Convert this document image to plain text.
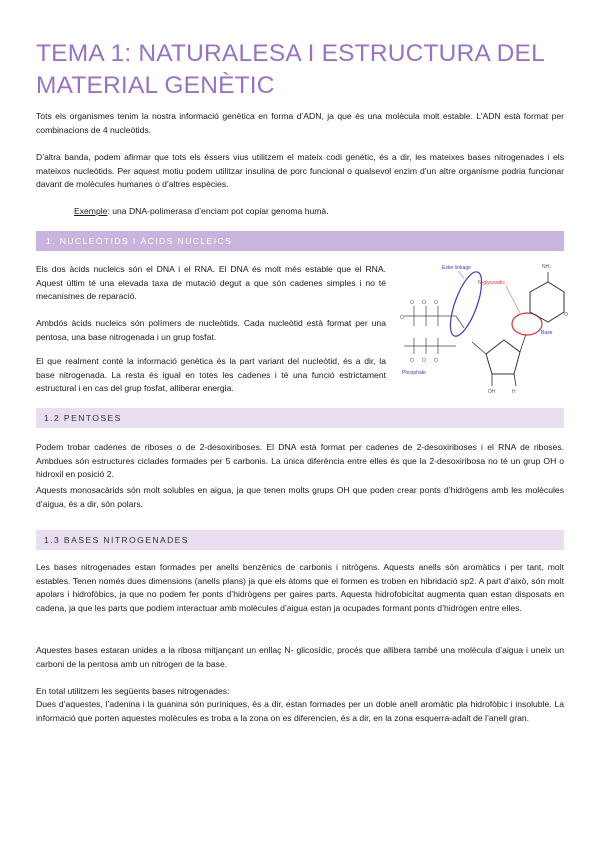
TEMA 1: NATURALESA I ESTRUCTURA DEL MATERIAL GENÈTIC

Tots els organismes tenim la nostra informació genètica en forma d’ADN, ja que és una molècula molt estable. L’ADN està format per combinacions de 4 nucleòtids.

D’altra banda, podem afirmar que tots els éssers vius utilitzem el mateix codi genètic, és a dir, les mateixes bases nitrogenades i els mateixos nucleòtids. Per aquest motiu podem utilitzar insulina de porc funcional o qualsevol enzim d’un altre organisme podria funcionar davant de molècules humanes o d’altres espècies.

Exemple: una DNA-polimerasa d’enciam pot copiar genoma humà.
1. NUCLEÒTIDS I ÀCIDS NUCLEICS

Els dos àcids nucleics són el DNA i el RNA. El DNA és molt més estable que el RNA. Aquest últim té una elevada taxa de mutació degut a que són cadenes simples i no té mecanismes de reparació.

Ambdós àcids nucleics són polímers de nucleòtids. Cada nucleòtid està format per una pentosa, una base nitrogenada i un grup fosfat.

El que realment conté la informació genètica és la part variant del nucleòtid, és a dir, la base nitrogenada. La resta és igual en totes les cadenes i té una funció estrictament estructural i en cas del grup fosfat, alliberar energia.

O O O
O O O
O
Ester linkage
OH	H
N-glycosidic
NH₂
O
Base
Phosphate
1.2 PENTOSES

Podem trobar cadenes de riboses o de 2-desoxiriboses. El DNA està format per cadenes de 2-desoxiriboses i el RNA de riboses. Ambdues són estructures ciclades formades per 5 carbonis. La única diferència entre elles és que la 2-desoxiribosa no té un grup OH o hidroxil en posició 2.

Aquests monosacàrids són molt solubles en aigua, ja que tenen molts grups OH que poden crear ponts d’hidrògens amb les molècules d’aigua, és a dir, són polars.

1.3 BASES NITROGENADES

Les bases nitrogenades estan formades per anells benzènics de carbonis i nitrògens. Aquests anells són aromàtics i per tant, molt estables. Tenen només dues dimensions (anells plans) ja que els àtoms que el formen es troben en hibridació sp2. A part d’això, són molt apolars i hidrofòbics, ja que no podem fer ponts d’hidrògens per gaires parts. Aquesta hidrofobicitat augmenta quan estan disposats en cadena, ja que les parts que podiem interactuar amb molècules d’aigua estan ja ocupades formant ponts d’hidrògen entre elles.

Aquestes bases estaran unides a la ribosa mitjançant un enllaç N- glicosídic, procés que allibera també una molècula d’aigua i uneix un carboni de la pentosa amb un nitrogen de la base.

En total utilitzem les següents bases nitrogenades:

Dues d’aquestes, l’adenina i la guanina són puríniques, és a dir, estan formades per un doble anell aromàtic pla hidrofòbic i insoluble. La informació que porten aquestes molècules es troba a la zona on es diferencien, és a dir, en la zona esquerra-adalt de l’anell gran.
